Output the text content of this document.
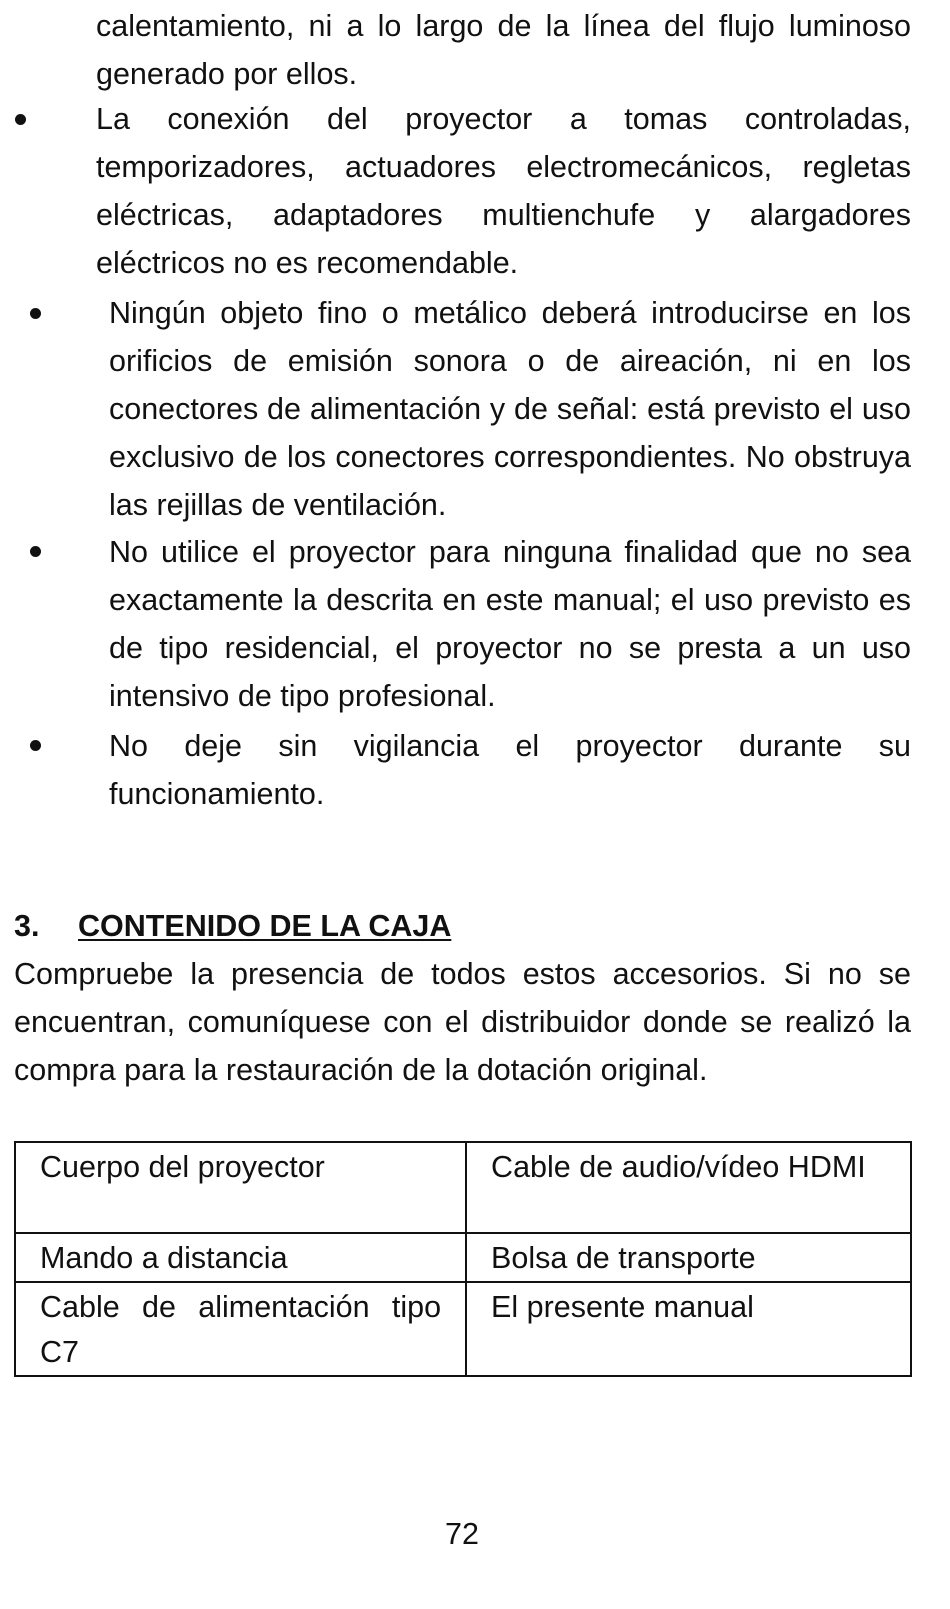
calentamiento, ni a lo largo de la línea del flujo luminoso generado por ellos.

La conexión del proyector a tomas controladas, temporizadores, actuadores electromecánicos, regletas eléctricas, adaptadores multienchufe y alargadores eléctricos no es recomendable.

Ningún objeto fino o metálico deberá introducirse en los orificios de emisión sonora o de aireación, ni en los conectores de alimentación y de señal: está previsto el uso exclusivo de los conectores correspondientes. No obstruya las rejillas de ventilación.

No utilice el proyector para ninguna finalidad que no sea exactamente la descrita en este manual; el uso previsto es de tipo residencial, el proyector no se presta a un uso intensivo de tipo profesional.

No deje sin vigilancia el proyector durante su funcionamiento.

3. CONTENIDO DE LA CAJA

Compruebe la presencia de todos estos accesorios. Si no se encuentran, comuníquese con el distribuidor donde se realizó la compra para la restauración de la dotación original.

Cuerpo del proyector	Cable de audio/vídeo HDMI
Mando a distancia	Bolsa de transporte
Cable de alimentación tipo C7	El presente manual

72
